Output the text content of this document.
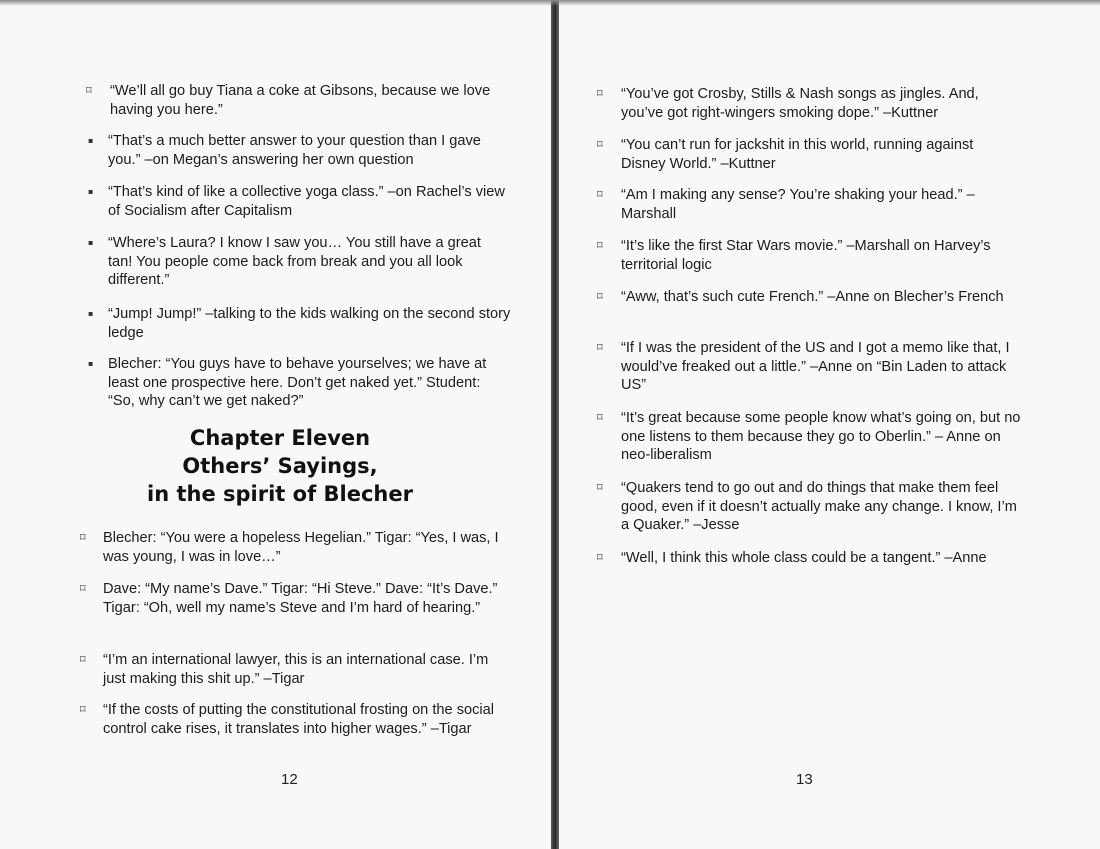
⌑ “We’ll all go buy Tiana a coke at Gibsons, because we love having you here.”
▪ “That’s a much better answer to your question than I gave you.” –on Megan’s answering her own question
▪ “That’s kind of like a collective yoga class.” –on Rachel’s view of Socialism after Capitalism
▪ “Where’s Laura? I know I saw you… You still have a great tan! You people come back from break and you all look different.”
▪ “Jump! Jump!” –talking to the kids walking on the second story ledge
▪ Blecher: “You guys have to behave yourselves; we have at least one prospective here. Don’t get naked yet.” Student: “So, why can’t we get naked?”
Chapter Eleven
Others’ Sayings,
in the spirit of Blecher
⌑ Blecher: “You were a hopeless Hegelian.” Tigar: “Yes, I was, I was young, I was in love…”
⌑ Dave: “My name’s Dave.” Tigar: “Hi Steve.” Dave: “It’s Dave.” Tigar: “Oh, well my name’s Steve and I’m hard of hearing.”
⌑ “I’m an international lawyer, this is an international case. I’m just making this shit up.” –Tigar
⌑ “If the costs of putting the constitutional frosting on the social control cake rises, it translates into higher wages.” –Tigar
12
⌑ “You’ve got Crosby, Stills & Nash songs as jingles. And, you’ve got right-wingers smoking dope.” –Kuttner
⌑ “You can’t run for jackshit in this world, running against Disney World.” –Kuttner
⌑ “Am I making any sense? You’re shaking your head.” – Marshall
⌑ “It’s like the first Star Wars movie.” –Marshall on Harvey’s territorial logic
⌑ “Aww, that’s such cute French.” –Anne on Blecher’s French
⌑ “If I was the president of the US and I got a memo like that, I would’ve freaked out a little.” –Anne on “Bin Laden to attack US”
⌑ “It’s great because some people know what’s going on, but no one listens to them because they go to Oberlin.” – Anne on neo-liberalism
⌑ “Quakers tend to go out and do things that make them feel good, even if it doesn’t actually make any change. I know, I’m a Quaker.” –Jesse
⌑ “Well, I think this whole class could be a tangent.” –Anne
13
